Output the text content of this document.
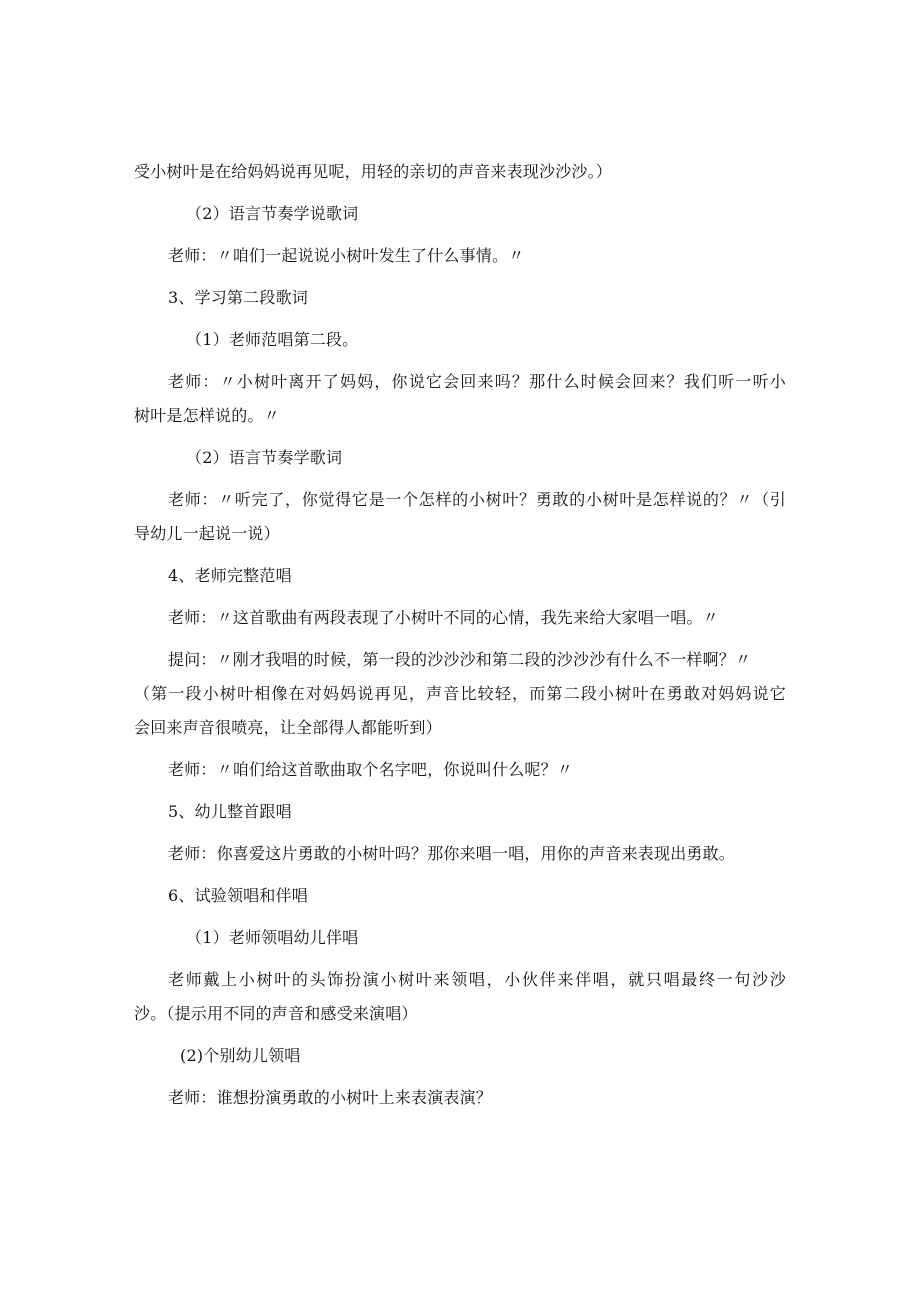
受小树叶是在给妈妈说再见呢，用轻的亲切的声音来表现沙沙沙。）
（2）语言节奏学说歌词
老师：〃咱们一起说说小树叶发生了什么事情。〃
3、学习第二段歌词
（1）老师范唱第二段。
老师：〃小树叶离开了妈妈，你说它会回来吗？那什么时候会回来？我们听一听小
树叶是怎样说的。〃
（2）语言节奏学歌词
老师：〃听完了，你觉得它是一个怎样的小树叶？勇敢的小树叶是怎样说的？〃（引
导幼儿一起说一说）
4、老师完整范唱
老师：〃这首歌曲有两段表现了小树叶不同的心情，我先来给大家唱一唱。〃
提问：〃刚才我唱的时候，第一段的沙沙沙和第二段的沙沙沙有什么不一样啊？〃
（第一段小树叶相像在对妈妈说再见，声音比较轻，而第二段小树叶在勇敢对妈妈说它
会回来声音很喷亮，让全部得人都能听到）
老师：〃咱们给这首歌曲取个名字吧，你说叫什么呢？〃
5、幼儿整首跟唱
老师：你喜爱这片勇敢的小树叶吗？那你来唱一唱，用你的声音来表现出勇敢。
6、试验领唱和伴唱
（1）老师领唱幼儿伴唱
老师戴上小树叶的头饰扮演小树叶来领唱，小伙伴来伴唱，就只唱最终一句沙沙
沙。（提示用不同的声音和感受来演唱）
(2)个别幼儿领唱
老师：谁想扮演勇敢的小树叶上来表演表演？
